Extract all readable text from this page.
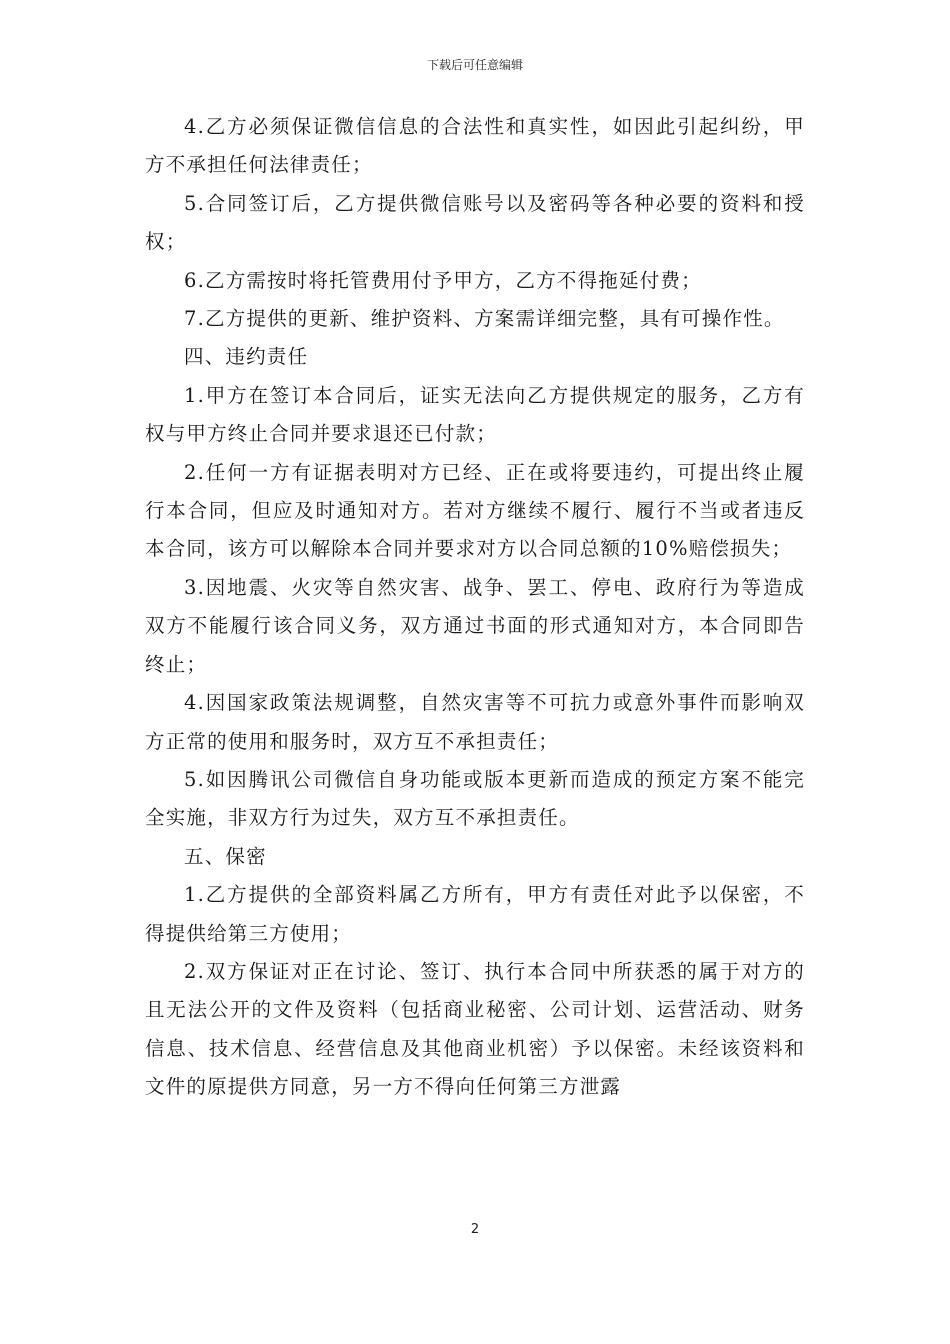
下载后可任意编辑

4.乙方必须保证微信信息的合法性和真实性，如因此引起纠纷，甲方不承担任何法律责任；

5.合同签订后，乙方提供微信账号以及密码等各种必要的资料和授权；

6.乙方需按时将托管费用付予甲方，乙方不得拖延付费；

7.乙方提供的更新、维护资料、方案需详细完整，具有可操作性。

四、违约责任

1.甲方在签订本合同后，证实无法向乙方提供规定的服务，乙方有权与甲方终止合同并要求退还已付款；

2.任何一方有证据表明对方已经、正在或将要违约，可提出终止履行本合同，但应及时通知对方。若对方继续不履行、履行不当或者违反本合同，该方可以解除本合同并要求对方以合同总额的10%赔偿损失；

3.因地震、火灾等自然灾害、战争、罢工、停电、政府行为等造成双方不能履行该合同义务，双方通过书面的形式通知对方，本合同即告终止；

4.因国家政策法规调整，自然灾害等不可抗力或意外事件而影响双方正常的使用和服务时，双方互不承担责任；

5.如因腾讯公司微信自身功能或版本更新而造成的预定方案不能完全实施，非双方行为过失，双方互不承担责任。

五、保密

1.乙方提供的全部资料属乙方所有，甲方有责任对此予以保密，不得提供给第三方使用；

2.双方保证对正在讨论、签订、执行本合同中所获悉的属于对方的且无法公开的文件及资料（包括商业秘密、公司计划、运营活动、财务信息、技术信息、经营信息及其他商业机密）予以保密。未经该资料和文件的原提供方同意，另一方不得向任何第三方泄露

2
